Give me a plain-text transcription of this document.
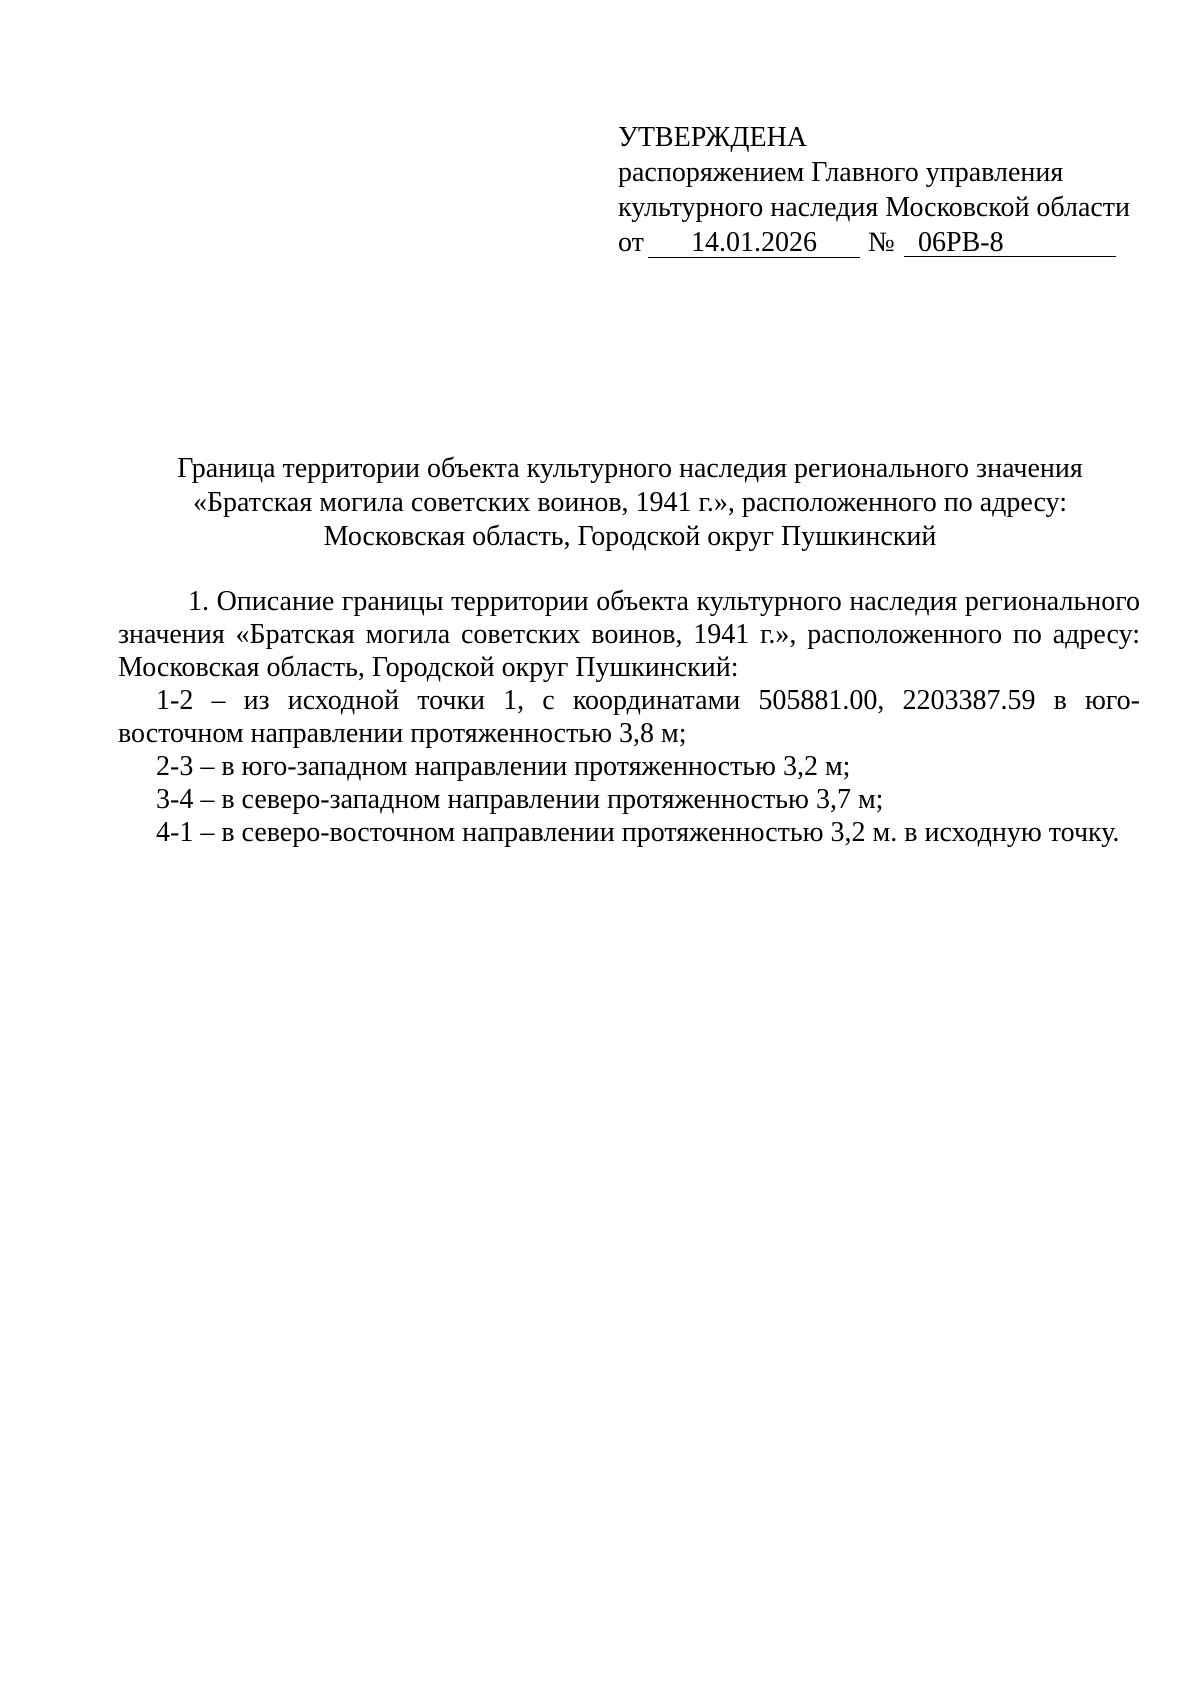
УТВЕРЖДЕНА
распоряжением Главного управления
культурного наследия Московской области
от	14.01.2026	№ 06РВ-8
Граница территории объекта культурного наследия регионального значения
«Братская могила советских воинов, 1941 г.», расположенного по адресу:
Московская область, Городской округ Пушкинский

1. Описание границы территории объекта культурного наследия регионального значения «Братская могила советских воинов, 1941 г.», расположенного по адресу: Московская область, Городской округ Пушкинский:

1-2 – из исходной точки 1, с координатами 505881.00, 2203387.59 в юго-восточном направлении протяженностью 3,8 м;

2-3 – в юго-западном направлении протяженностью 3,2 м;

3-4 – в северо-западном направлении протяженностью 3,7 м;

4-1 – в северо-восточном направлении протяженностью 3,2 м. в исходную точку.
